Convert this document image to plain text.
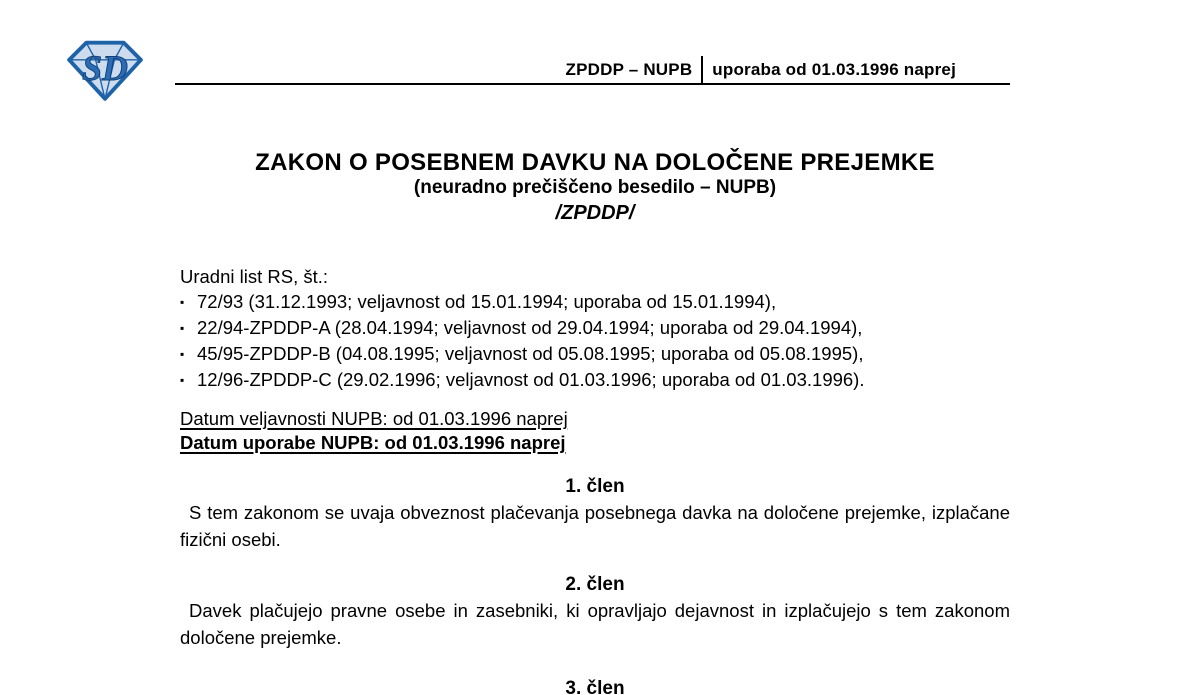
SD	ZPDDP – NUPB uporaba od 01.03.1996 naprej
ZAKON O POSEBNEM DAVKU NA DOLOČENE PREJEMKE

(neuradno prečiščeno besedilo – NUPB)

/ZPDDP/

Uradni list RS, št.:

▪ 72/93 (31.12.1993; veljavnost od 15.01.1994; uporaba od 15.01.1994),
▪ 22/94-ZPDDP-A (28.04.1994; veljavnost od 29.04.1994; uporaba od 29.04.1994),
▪ 45/95-ZPDDP-B (04.08.1995; veljavnost od 05.08.1995; uporaba od 05.08.1995),
▪ 12/96-ZPDDP-C (29.02.1996; veljavnost od 01.03.1996; uporaba od 01.03.1996).

Datum veljavnosti NUPB: od 01.03.1996 naprej

Datum uporabe NUPB: od 01.03.1996 naprej

1. člen

S tem zakonom se uvaja obveznost plačevanja posebnega davka na določene prejemke, izplačane fizični osebi.

2. člen

Davek plačujejo pravne osebe in zasebniki, ki opravljajo dejavnost in izplačujejo s tem zakonom določene prejemke.

3. člen
